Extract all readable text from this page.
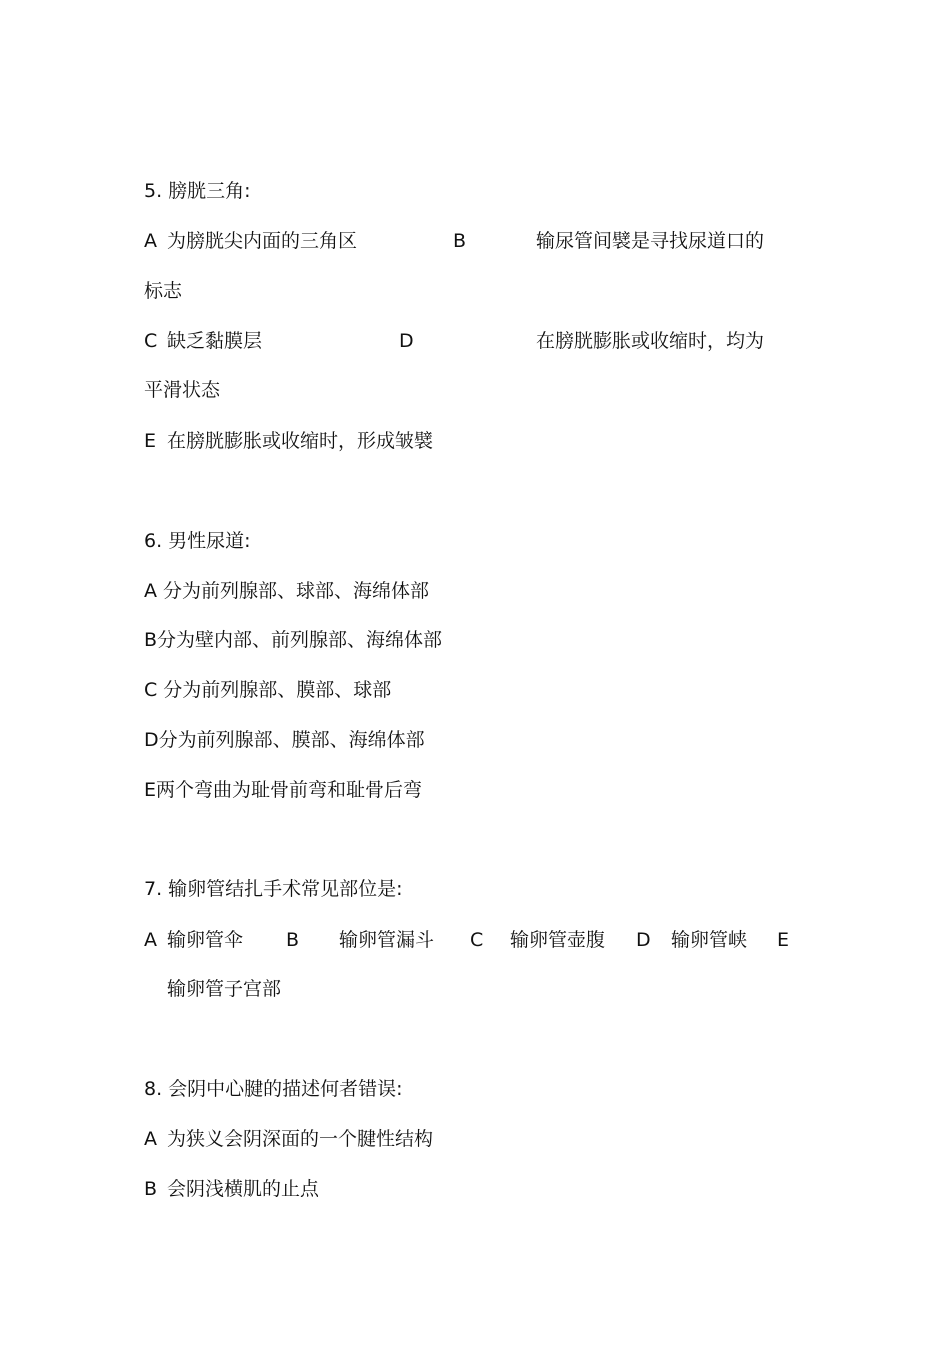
5. 膀胱三角:
A 为膀胱尖内面的三角区	B	输尿管间襞是寻找尿道口的
标志
C 缺乏黏膜层	D	在膀胱膨胀或收缩时，均为
平滑状态
E 在膀胱膨胀或收缩时，形成皱襞
6. 男性尿道:
A 分为前列腺部、球部、海绵体部
B分为壁内部、前列腺部、海绵体部
C 分为前列腺部、膜部、球部
D分为前列腺部、膜部、海绵体部
E两个弯曲为耻骨前弯和耻骨后弯
7. 输卵管结扎手术常见部位是:
A 输卵管伞 B 输卵管漏斗 C 输卵管壶腹 D 输卵管峡 E
输卵管子宫部
8. 会阴中心腱的描述何者错误:
A 为狭义会阴深面的一个腱性结构
B 会阴浅横肌的止点
